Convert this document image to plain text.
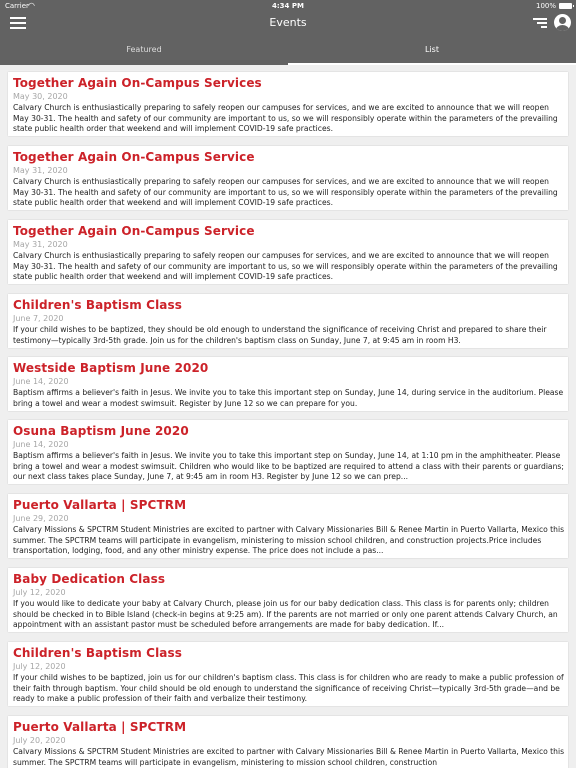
Carrier ◠	4:34 PM	100%
Events
Featured	List
Together Again On-Campus Services
May 30, 2020
Calvary Church is enthusiastically preparing to safely reopen our campuses for services, and we are excited to announce that we will reopen May 30-31. The health and safety of our community are important to us, so we will responsibly operate within the parameters of the prevailing state public health order that weekend and will implement COVID-19 safe practices.
Together Again On-Campus Service
May 31, 2020
Calvary Church is enthusiastically preparing to safely reopen our campuses for services, and we are excited to announce that we will reopen May 30-31. The health and safety of our community are important to us, so we will responsibly operate within the parameters of the prevailing state public health order that weekend and will implement COVID-19 safe practices.
Together Again On-Campus Service
May 31, 2020
Calvary Church is enthusiastically preparing to safely reopen our campuses for services, and we are excited to announce that we will reopen May 30-31. The health and safety of our community are important to us, so we will responsibly operate within the parameters of the prevailing state public health order that weekend and will implement COVID-19 safe practices.
Children's Baptism Class
June 7, 2020
If your child wishes to be baptized, they should be old enough to understand the significance of receiving Christ and prepared to share their testimony—typically 3rd-5th grade. Join us for the children's baptism class on Sunday, June 7, at 9:45 am in room H3.
Westside Baptism June 2020
June 14, 2020
Baptism affirms a believer's faith in Jesus. We invite you to take this important step on Sunday, June 14, during service in the auditorium. Please bring a towel and wear a modest swimsuit. Register by June 12 so we can prepare for you.
Osuna Baptism June 2020
June 14, 2020
Baptism affirms a believer's faith in Jesus. We invite you to take this important step on Sunday, June 14, at 1:10 pm in the amphitheater. Please bring a towel and wear a modest swimsuit. Children who would like to be baptized are required to attend a class with their parents or guardians; our next class takes place Sunday, June 7, at 9:45 am in room H3. Register by June 12 so we can prep...
Puerto Vallarta | SPCTRM
June 29, 2020
Calvary Missions & SPCTRM Student Ministries are excited to partner with Calvary Missionaries Bill & Renee Martin in Puerto Vallarta, Mexico this summer. The SPCTRM teams will participate in evangelism, ministering to mission school children, and construction projects.Price includes transportation, lodging, food, and any other ministry expense. The price does not include a pas...
Baby Dedication Class
July 12, 2020
If you would like to dedicate your baby at Calvary Church, please join us for our baby dedication class. This class is for parents only; children should be checked in to Bible Island (check-in begins at 9:25 am). If the parents are not married or only one parent attends Calvary Church, an appointment with an assistant pastor must be scheduled before arrangements are made for baby dedication. If...
Children's Baptism Class
July 12, 2020
If your child wishes to be baptized, join us for our children's baptism class. This class is for children who are ready to make a public profession of their faith through baptism. Your child should be old enough to understand the significance of receiving Christ—typically 3rd-5th grade—and be ready to make a public profession of their faith and verbalize their testimony.
Puerto Vallarta | SPCTRM
July 20, 2020
Calvary Missions & SPCTRM Student Ministries are excited to partner with Calvary Missionaries Bill & Renee Martin in Puerto Vallarta, Mexico this summer. The SPCTRM teams will participate in evangelism, ministering to mission school children, construction
